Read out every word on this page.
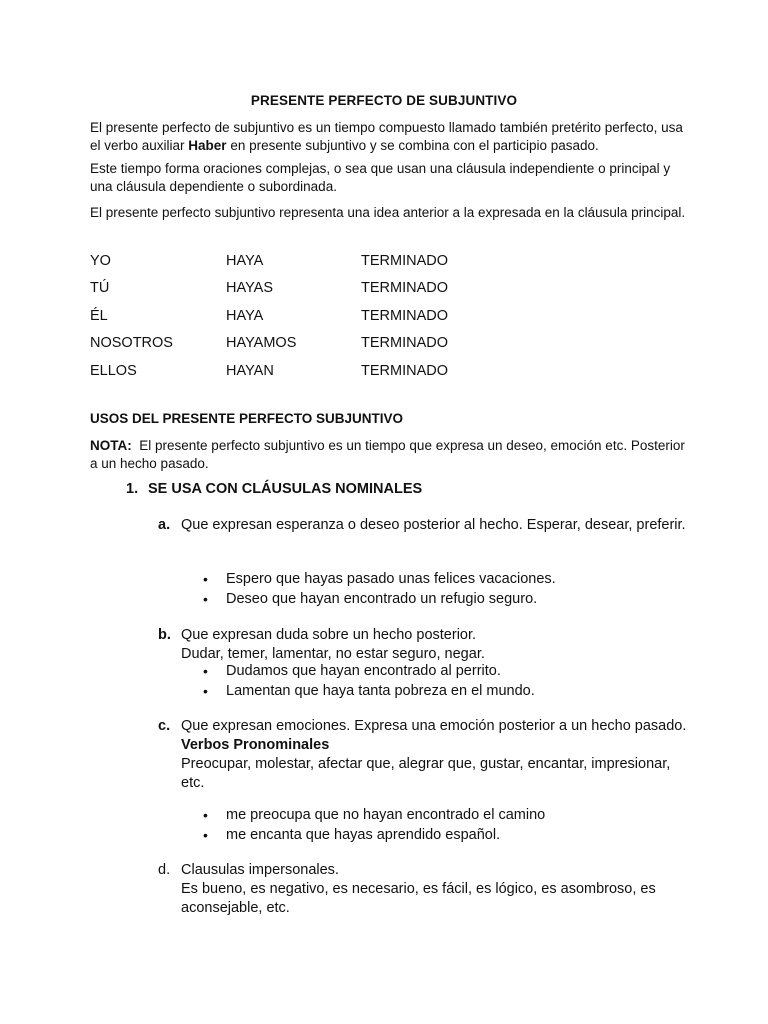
PRESENTE PERFECTO DE SUBJUNTIVO
El presente perfecto de subjuntivo es un tiempo compuesto llamado también pretérito perfecto, usa el verbo auxiliar Haber en presente subjuntivo y se combina con el participio pasado.
Este tiempo forma oraciones complejas, o sea que usan una cláusula independiente o principal y una cláusula dependiente o subordinada.
El presente perfecto subjuntivo representa una idea anterior a la expresada en la cláusula principal.
YO	HAYA	TERMINADO
TÚ	HAYAS	TERMINADO
ÉL	HAYA	TERMINADO
NOSOTROS	HAYAMOS	TERMINADO
ELLOS	HAYAN	TERMINADO
USOS DEL PRESENTE PERFECTO SUBJUNTIVO
NOTA: El presente perfecto subjuntivo es un tiempo que expresa un deseo, emoción etc. Posterior a un hecho pasado.
1. SE USA CON CLÁUSULAS NOMINALES
a. Que expresan esperanza o deseo posterior al hecho. Esperar, desear, preferir.
• Espero que hayas pasado unas felices vacaciones.
• Deseo que hayan encontrado un refugio seguro.
b. Que expresan duda sobre un hecho posterior.
Dudar, temer, lamentar, no estar seguro, negar.
• Dudamos que hayan encontrado al perrito.
• Lamentan que haya tanta pobreza en el mundo.
c. Que expresan emociones. Expresa una emoción posterior a un hecho pasado.
Verbos Pronominales
Preocupar, molestar, afectar que, alegrar que, gustar, encantar, impresionar, etc.
• me preocupa que no hayan encontrado el camino
• me encanta que hayas aprendido español.
d. Clausulas impersonales.
Es bueno, es negativo, es necesario, es fácil, es lógico, es asombroso, es aconsejable, etc.
